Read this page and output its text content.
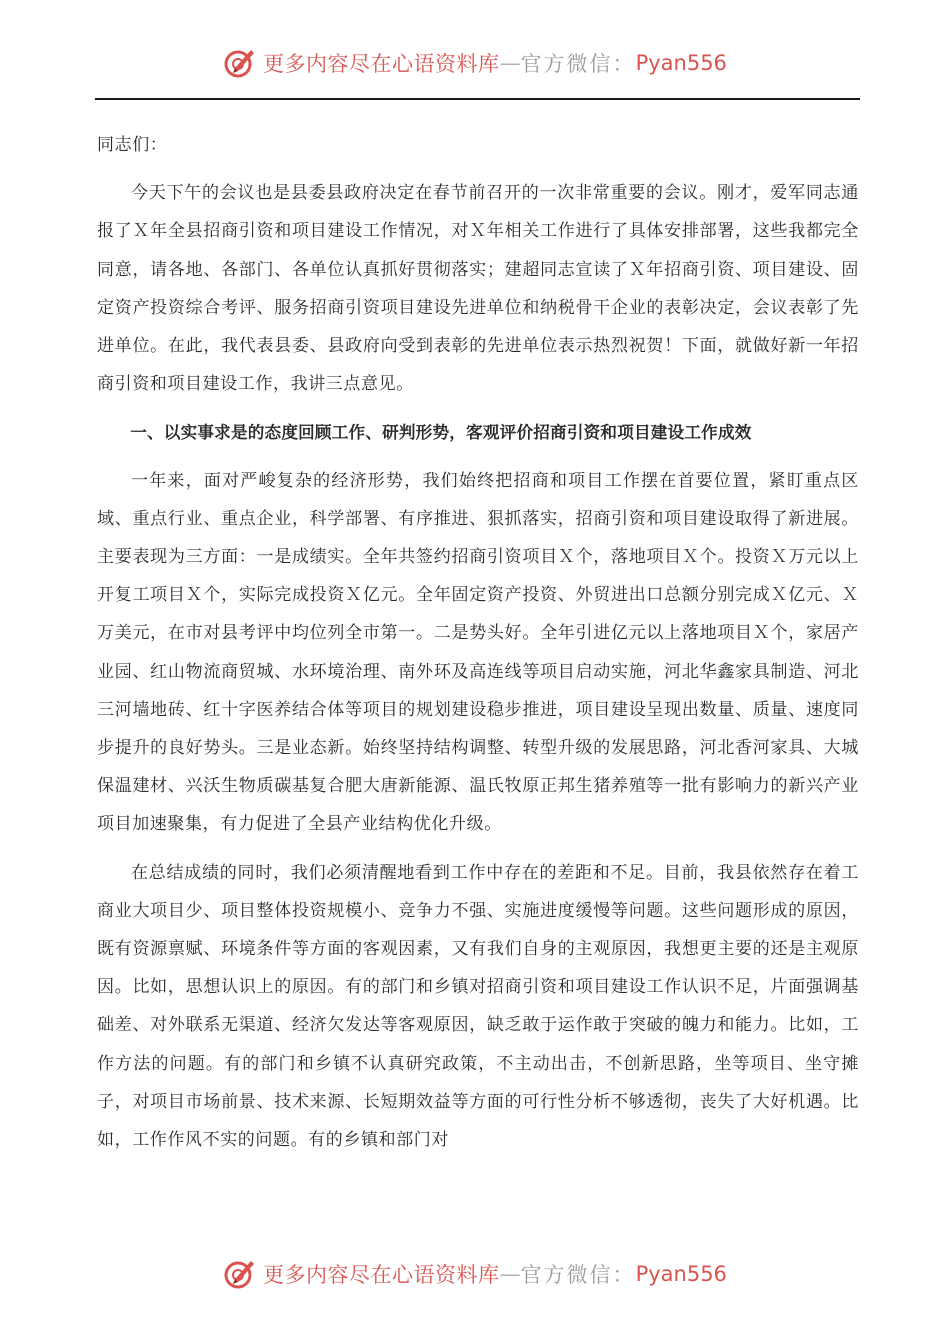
更多内容尽在心语资料库 — 官方微信： Pyan556

同志们：

今天下午的会议也是县委县政府决定在春节前召开的一次非常重要的会议。刚才，爱军同志通报了Ｘ年全县招商引资和项目建设工作情况，对Ｘ年相关工作进行了具体安排部署，这些我都完全同意，请各地、各部门、各单位认真抓好贯彻落实；建超同志宣读了Ｘ年招商引资、项目建设、固定资产投资综合考评、服务招商引资项目建设先进单位和纳税骨干企业的表彰决定，会议表彰了先进单位。在此，我代表县委、县政府向受到表彰的先进单位表示热烈祝贺！下面，就做好新一年招商引资和项目建设工作，我讲三点意见。

一、以实事求是的态度回顾工作、研判形势，客观评价招商引资和项目建设工作成效

一年来，面对严峻复杂的经济形势，我们始终把招商和项目工作摆在首要位置，紧盯重点区域、重点行业、重点企业，科学部署、有序推进、狠抓落实，招商引资和项目建设取得了新进展。主要表现为三方面：一是成绩实。全年共签约招商引资项目Ｘ个，落地项目Ｘ个。投资Ｘ万元以上开复工项目Ｘ个，实际完成投资Ｘ亿元。全年固定资产投资、外贸进出口总额分别完成Ｘ亿元、Ｘ万美元，在市对县考评中均位列全市第一。二是势头好。全年引进亿元以上落地项目Ｘ个，家居产业园、红山物流商贸城、水环境治理、南外环及高连线等项目启动实施，河北华鑫家具制造、河北三河墙地砖、红十字医养结合体等项目的规划建设稳步推进，项目建设呈现出数量、质量、速度同步提升的良好势头。三是业态新。始终坚持结构调整、转型升级的发展思路，河北香河家具、大城保温建材、兴沃生物质碳基复合肥大唐新能源、温氏牧原正邦生猪养殖等一批有影响力的新兴产业项目加速聚集，有力促进了全县产业结构优化升级。

在总结成绩的同时，我们必须清醒地看到工作中存在的差距和不足。目前，我县依然存在着工商业大项目少、项目整体投资规模小、竞争力不强、实施进度缓慢等问题。这些问题形成的原因，既有资源禀赋、环境条件等方面的客观因素，又有我们自身的主观原因，我想更主要的还是主观原因。比如，思想认识上的原因。有的部门和乡镇对招商引资和项目建设工作认识不足，片面强调基础差、对外联系无渠道、经济欠发达等客观原因，缺乏敢于运作敢于突破的魄力和能力。比如，工作方法的问题。有的部门和乡镇不认真研究政策，不主动出击，不创新思路，坐等项目、坐守摊子，对项目市场前景、技术来源、长短期效益等方面的可行性分析不够透彻，丧失了大好机遇。比如，工作作风不实的问题。有的乡镇和部门对

更多内容尽在心语资料库 — 官方微信： Pyan556
